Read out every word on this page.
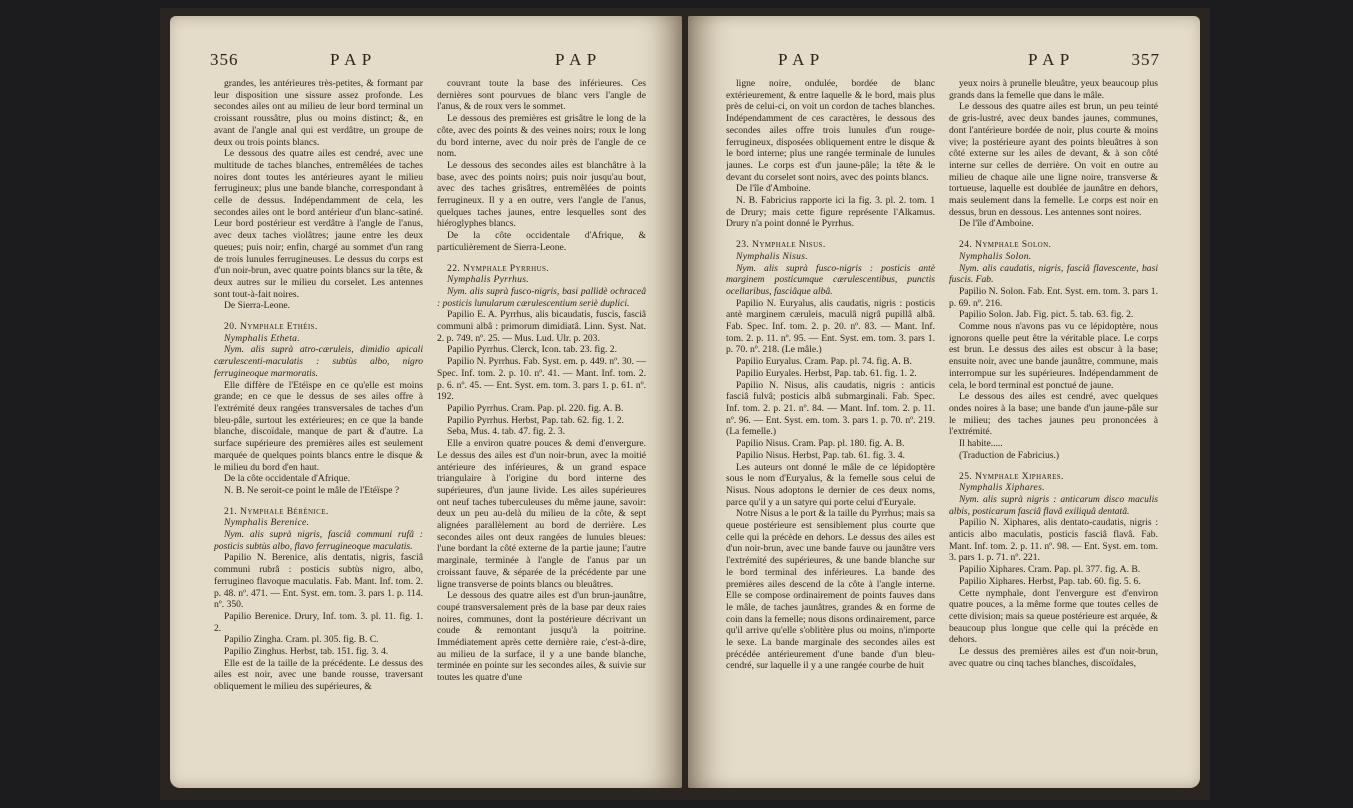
356	P A P	P A P

grandes, les antérieures très-petites, & formant par leur disposition une sissure assez profonde. Les secondes ailes ont au milieu de leur bord terminal un croissant roussâtre, plus ou moins distinct; &, en avant de l'angle anal qui est verdâtre, un groupe de deux ou trois points blancs.

Le dessous des quatre ailes est cendré, avec une multitude de taches blanches, entremêlées de taches noires dont toutes les antérieures ayant le milieu ferrugineux; plus une bande blanche, correspondant à celle de dessus. Indépendamment de cela, les secondes ailes ont le bord antérieur d'un blanc-satiné. Leur bord postérieur est verdâtre à l'angle de l'anus, avec deux taches violâtres; jaune entre les deux queues; puis noir; enfin, chargé au sommet d'un rang de trois lunules ferrugineuses. Le dessus du corps est d'un noir-brun, avec quatre points blancs sur la tête, & deux autres sur le milieu du corselet. Les antennes sont tout-à-fait noires.

De Sierra-Leone.

20. Nymphale Ethéis.

Nymphalis Etheta.

Nym. alis suprà atro-cæruleis, dimidio apicali cærulescenti-maculatis : subtùs albo, nigro ferrugineoque marmoratis.

Elle diffère de l'Etéïspe en ce qu'elle est moins grande; en ce que le dessus de ses ailes offre à l'extrémité deux rangées transversales de taches d'un bleu-pâle, surtout les extérieures; en ce que la bande blanche, discoïdale, manque de part & d'autre. La surface supérieure des premières ailes est seulement marquée de quelques points blancs entre le disque & le milieu du bord d'en haut.

De la côte occidentale d'Afrique.

N. B. Ne seroit-ce point le mâle de l'Etéïspe ?

21. Nymphale Bérénice.

Nymphalis Berenice.

Nym. alis suprà nigris, fasciâ communi rufâ : posticis subtùs albo, flavo ferrugineoque maculatis.

Papilio N. Berenice, alis dentatis, nigris, fasciâ communi rubrâ : posticis subtùs nigro, albo, ferrugineo flavoque maculatis. Fab. Mant. Inf. tom. 2. p. 48. nº. 471. — Ent. Syst. em. tom. 3. pars 1. p. 114. nº. 350.

Papilio Berenice. Drury, Inf. tom. 3. pl. 11. fig. 1. 2.

Papilio Zingha. Cram. pl. 305. fig. B. C.

Papilio Zinghus. Herbst, tab. 151. fig. 3. 4.

Elle est de la taille de la précédente. Le dessus des ailes est noir, avec une bande rousse, traversant obliquement le milieu des supérieures, &

couvrant toute la base des inférieures. Ces dernières sont pourvues de blanc vers l'angle de l'anus, & de roux vers le sommet.

Le dessous des premières est grisâtre le long de la côte, avec des points & des veines noirs; roux le long du bord interne, avec du noir près de l'angle de ce nom.

Le dessous des secondes ailes est blanchâtre à la base, avec des points noirs; puis noir jusqu'au bout, avec des taches grisâtres, entremêlées de points ferrugineux. Il y a en outre, vers l'angle de l'anus, quelques taches jaunes, entre lesquelles sont des hiéroglyphes blancs.

De la côte occidentale d'Afrique, & particulièrement de Sierra-Leone.

22. Nymphale Pyrrhus.

Nymphalis Pyrrhus.

Nym. alis suprà fusco-nigris, basi pallidè ochraceâ : posticis lunularum cærulescentium seriè duplici.

Papilio E. A. Pyrrhus, alis bicaudatis, fuscis, fasciâ communi albâ : primorum dimidiatâ. Linn. Syst. Nat. 2. p. 749. nº. 25. — Mus. Lud. Ulr. p. 203.

Papilio Pyrrhus. Clerck, Icon. tab. 23. fig. 2.

Papilio N. Pyrrhus. Fab. Syst. em. p. 449. nº. 30. — Spec. Inf. tom. 2. p. 10. nº. 41. — Mant. Inf. tom. 2. p. 6. nº. 45. — Ent. Syst. em. tom. 3. pars 1. p. 61. nº. 192.

Papilio Pyrrhus. Cram. Pap. pl. 220. fig. A. B.

Papilio Pyrrhus. Herbst, Pap. tab. 62. fig. 1. 2.

Seba, Mus. 4. tab. 47. fig. 2. 3.

Elle a environ quatre pouces & demi d'envergure. Le dessus des ailes est d'un noir-brun, avec la moitié antérieure des inférieures, & un grand espace triangulaire à l'origine du bord interne des supérieures, d'un jaune livide. Les ailes supérieures ont neuf taches tuberculeuses du même jaune, savoir: deux un peu au-delà du milieu de la côte, & sept alignées parallèlement au bord de derrière. Les secondes ailes ont deux rangées de lunules bleues: l'une bordant la côté externe de la partie jaune; l'autre marginale, terminée à l'angle de l'anus par un croissant fauve, & séparée de la précédente par une ligne transverse de points blancs ou bleuâtres.

Le dessous des quatre ailes est d'un brun-jaunâtre, coupé transversalement près de la base par deux raies noires, communes, dont la postérieure décrivant un coude & remontant jusqu'à la poitrine. Immédiatement après cette dernière raie, c'est-à-dire, au milieu de la surface, il y a une bande blanche, terminée en pointe sur les secondes ailes, & suivie sur toutes les quatre d'une

P A P	P A P	357

ligne noire, ondulée, bordée de blanc extérieurement, & entre laquelle & le bord, mais plus près de celui-ci, on voit un cordon de taches blanches. Indépendamment de ces caractères, le dessous des secondes ailes offre trois lunules d'un rouge-ferrugineux, disposées obliquement entre le disque & le bord interne; plus une rangée terminale de lunules jaunes. Le corps est d'un jaune-pâle; la tête & le devant du corselet sont noirs, avec des points blancs.

De l'île d'Amboine.

N. B. Fabricius rapporte ici la fig. 3. pl. 2. tom. 1 de Drury; mais cette figure représente l'Alkamus. Drury n'a point donné le Pyrrhus.

23. Nymphale Nisus.

Nymphalis Nisus.

Nym. alis suprà fusco-nigris : posticis antè marginem posticumque cærulescentibus, punctis ocellaribus, fasciâque albâ.

Papilio N. Euryalus, alis caudatis, nigris : posticis antè marginem cæruleis, maculâ nigrâ pupillâ albâ. Fab. Spec. Inf. tom. 2. p. 20. nº. 83. — Mant. Inf. tom. 2. p. 11. nº. 95. — Ent. Syst. em. tom. 3. pars 1. p. 70. nº. 218. (Le mâle.)

Papilio Euryalus. Cram. Pap. pl. 74. fig. A. B.

Papilio Euryales. Herbst, Pap. tab. 61. fig. 1. 2.

Papilio N. Nisus, alis caudatis, nigris : anticis fasciâ fulvâ; posticis albâ submarginali. Fab. Spec. Inf. tom. 2. p. 21. nº. 84. — Mant. Inf. tom. 2. p. 11. nº. 96. — Ent. Syst. em. tom. 3. pars 1. p. 70. nº. 219. (La femelle.)

Papilio Nisus. Cram. Pap. pl. 180. fig. A. B.

Papilio Nisus. Herbst, Pap. tab. 61. fig. 3. 4.

Les auteurs ont donné le mâle de ce lépidoptère sous le nom d'Euryalus, & la femelle sous celui de Nisus. Nous adoptons le dernier de ces deux noms, parce qu'il y a un satyre qui porte celui d'Euryale.

Notre Nisus a le port & la taille du Pyrrhus; mais sa queue postérieure est sensiblement plus courte que celle qui la précède en dehors. Le dessus des ailes est d'un noir-brun, avec une bande fauve ou jaunâtre vers l'extrémité des supérieures, & une bande blanche sur le bord terminal des inférieures. La bande des premières ailes descend de la côte à l'angle interne. Elle se compose ordinairement de points fauves dans le mâle, de taches jaunâtres, grandes & en forme de coin dans la femelle; nous disons ordinairement, parce qu'il arrive qu'elle s'oblitère plus ou moins, n'importe le sexe. La bande marginale des secondes ailes est précédée antérieurement d'une bande d'un bleu-cendré, sur laquelle il y a une rangée courbe de huit

yeux noirs à prunelle bleuâtre, yeux beaucoup plus grands dans la femelle que dans le mâle.

Le dessous des quatre ailes est brun, un peu teinté de gris-lustré, avec deux bandes jaunes, communes, dont l'antérieure bordée de noir, plus courte & moins vive; la postérieure ayant des points bleuâtres à son côté externe sur les ailes de devant, & à son côté interne sur celles de derrière. On voit en outre au milieu de chaque aile une ligne noire, transverse & tortueuse, laquelle est doublée de jaunâtre en dehors, mais seulement dans la femelle. Le corps est noir en dessus, brun en dessous. Les antennes sont noires.

De l'île d'Amboine.

24. Nymphale Solon.

Nymphalis Solon.

Nym. alis caudatis, nigris, fasciâ flavescente, basi fuscis. Fab.

Papilio N. Solon. Fab. Ent. Syst. em. tom. 3. pars 1. p. 69. nº. 216.

Papilio Solon. Jab. Fig. pict. 5. tab. 63. fig. 2.

Comme nous n'avons pas vu ce lépidoptère, nous ignorons quelle peut être la véritable place. Le corps est brun. Le dessus des ailes est obscur à la base; ensuite noir, avec une bande jaunâtre, commune, mais interrompue sur les supérieures. Indépendamment de cela, le bord terminal est ponctué de jaune.

Le dessous des ailes est cendré, avec quelques ondes noires à la base; une bande d'un jaune-pâle sur le milieu; des taches jaunes peu prononcées à l'extrémité.

Il habite.....

(Traduction de Fabricius.)

25. Nymphale Xiphares.

Nymphalis Xiphares.

Nym. alis suprà nigris : anticarum disco maculis albis, posticarum fasciâ flavâ exiliquâ dentatâ.

Papilio N. Xiphares, alis dentato-caudatis, nigris : anticis albo maculatis, posticis fasciâ flavâ. Fab. Mant. Inf. tom. 2. p. 11. nº. 98. — Ent. Syst. em. tom. 3. pars 1. p. 71. nº. 221.

Papilio Xiphares. Cram. Pap. pl. 377. fig. A. B.

Papilio Xiphares. Herbst, Pap. tab. 60. fig. 5. 6.

Cette nymphale, dont l'envergure est d'environ quatre pouces, a la même forme que toutes celles de cette division; mais sa queue postérieure est arquée, & beaucoup plus longue que celle qui la précède en dehors.

Le dessus des premières ailes est d'un noir-brun, avec quatre ou cinq taches blanches, discoïdales,
